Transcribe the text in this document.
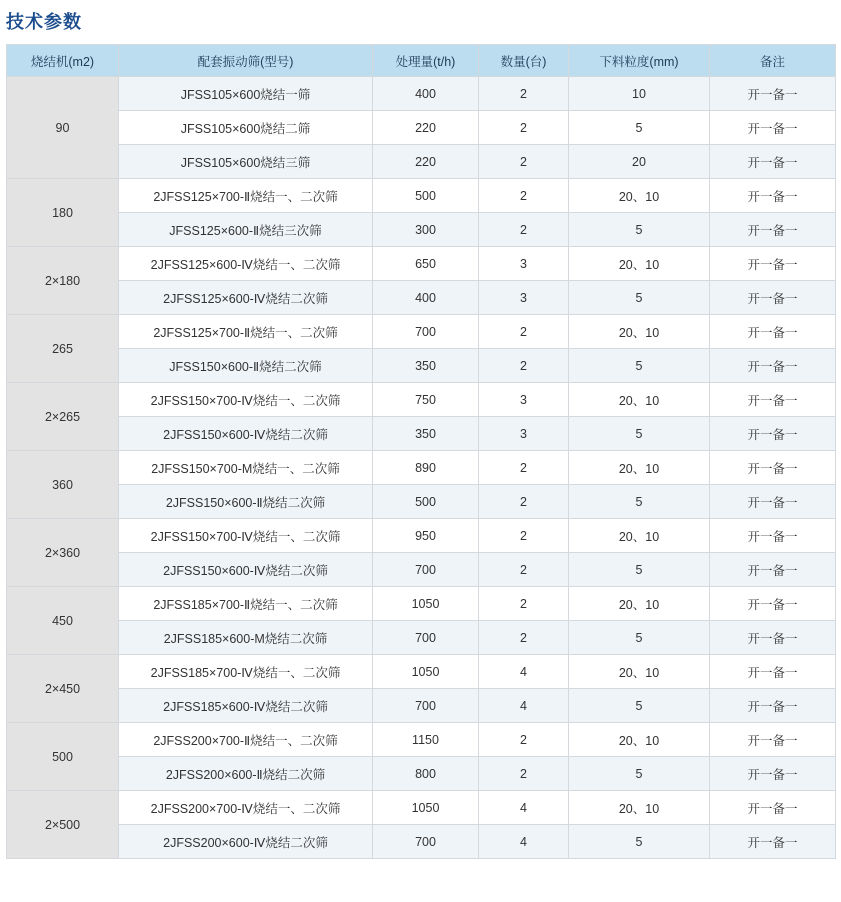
技术参数
烧结机(m2)	配套振动筛(型号)	处理量(t/h)	数量(台)	下料粒度(mm)	备注
90	JFSS105×600烧结一筛	400	2	10	开一备一
	JFSS105×600烧结二筛	220	2	5	开一备一
	JFSS105×600烧结三筛	220	2	20	开一备一
180	2JFSS125×700-Ⅱ烧结一、二次筛	500	2	20、10	开一备一
	JFSS125×600-Ⅱ烧结三次筛	300	2	5	开一备一
2×180	2JFSS125×600-Ⅳ烧结一、二次筛	650	3	20、10	开一备一
	2JFSS125×600-Ⅳ烧结二次筛	400	3	5	开一备一
265	2JFSS125×700-Ⅱ烧结一、二次筛	700	2	20、10	开一备一
	JFSS150×600-Ⅱ烧结二次筛	350	2	5	开一备一
2×265	2JFSS150×700-Ⅳ烧结一、二次筛	750	3	20、10	开一备一
	2JFSS150×600-Ⅳ烧结二次筛	350	3	5	开一备一
360	2JFSS150×700-M烧结一、二次筛	890	2	20、10	开一备一
	2JFSS150×600-Ⅱ烧结二次筛	500	2	5	开一备一
2×360	2JFSS150×700-Ⅳ烧结一、二次筛	950	2	20、10	开一备一
	2JFSS150×600-Ⅳ烧结二次筛	700	2	5	开一备一
450	2JFSS185×700-Ⅱ烧结一、二次筛	1050	2	20、10	开一备一
	2JFSS185×600-M烧结二次筛	700	2	5	开一备一
2×450	2JFSS185×700-Ⅳ烧结一、二次筛	1050	4	20、10	开一备一
	2JFSS185×600-Ⅳ烧结二次筛	700	4	5	开一备一
500	2JFSS200×700-Ⅱ烧结一、二次筛	1150	2	20、10	开一备一
	2JFSS200×600-Ⅱ烧结二次筛	800	2	5	开一备一
2×500	2JFSS200×700-Ⅳ烧结一、二次筛	1050	4	20、10	开一备一
	2JFSS200×600-Ⅳ烧结二次筛	700	4	5	开一备一
